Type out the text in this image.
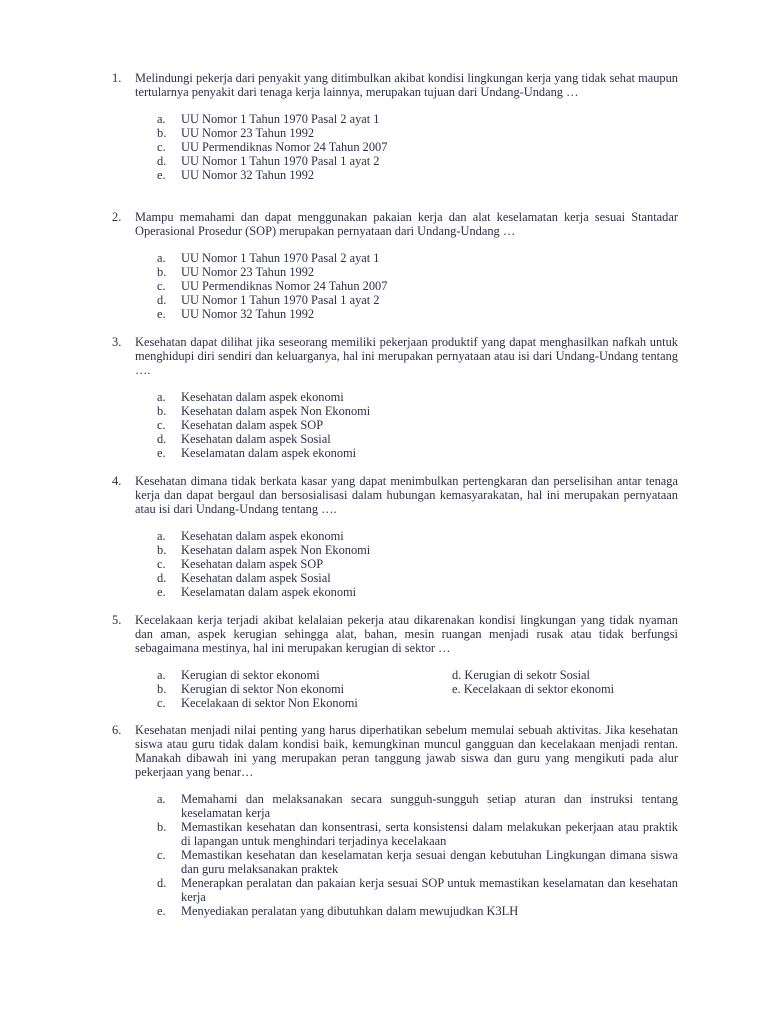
1.	Melindungi pekerja dari penyakit yang ditimbulkan akibat kondisi lingkungan kerja yang tidak sehat maupun tertularnya penyakit dari tenaga kerja lainnya, merupakan tujuan dari Undang-Undang …
a.	UU Nomor 1 Tahun 1970 Pasal 2 ayat 1
b.	UU Nomor 23 Tahun 1992
c.	UU Permendiknas Nomor 24 Tahun 2007
d.	UU Nomor 1 Tahun 1970 Pasal 1 ayat 2
e.	UU Nomor 32 Tahun 1992
2.	Mampu memahami dan dapat menggunakan pakaian kerja dan alat keselamatan kerja sesuai Stantadar Operasional Prosedur (SOP) merupakan pernyataan dari Undang-Undang …
a.	UU Nomor 1 Tahun 1970 Pasal 2 ayat 1
b.	UU Nomor 23 Tahun 1992
c.	UU Permendiknas Nomor 24 Tahun 2007
d.	UU Nomor 1 Tahun 1970 Pasal 1 ayat 2
e.	UU Nomor 32 Tahun 1992
3.	Kesehatan dapat dilihat jika seseorang memiliki pekerjaan produktif yang dapat menghasilkan nafkah untuk menghidupi diri sendiri dan keluarganya, hal ini merupakan pernyataan atau isi dari Undang-Undang tentang ….
a.	Kesehatan dalam aspek ekonomi
b.	Kesehatan dalam aspek Non Ekonomi
c.	Kesehatan dalam aspek SOP
d.	Kesehatan dalam aspek Sosial
e.	Keselamatan dalam aspek ekonomi
4.	Kesehatan dimana tidak berkata kasar yang dapat menimbulkan pertengkaran dan perselisihan antar tenaga kerja dan dapat bergaul dan bersosialisasi dalam hubungan kemasyarakatan, hal ini merupakan pernyataan atau isi dari Undang-Undang tentang ….
a.	Kesehatan dalam aspek ekonomi
b.	Kesehatan dalam aspek Non Ekonomi
c.	Kesehatan dalam aspek SOP
d.	Kesehatan dalam aspek Sosial
e.	Keselamatan dalam aspek ekonomi
5.	Kecelakaan kerja terjadi akibat kelalaian pekerja atau dikarenakan kondisi lingkungan yang tidak nyaman dan aman, aspek kerugian sehingga alat, bahan, mesin ruangan menjadi rusak atau tidak berfungsi sebagaimana mestinya, hal ini merupakan kerugian di sektor …
a.	Kerugian di sektor ekonomi
b.	Kerugian di sektor Non ekonomi
c.	Kecelakaan di sektor Non Ekonomi
d. Kerugian di sekotr Sosial
e. Kecelakaan di sektor ekonomi
6.	Kesehatan menjadi nilai penting yang harus diperhatikan sebelum memulai sebuah aktivitas. Jika kesehatan siswa atau guru tidak dalam kondisi baik, kemungkinan muncul gangguan dan kecelakaan menjadi rentan. Manakah dibawah ini yang merupakan peran tanggung jawab siswa dan guru yang mengikuti pada alur pekerjaan yang benar…
a.	Memahami dan melaksanakan secara sungguh-sungguh setiap aturan dan instruksi tentang keselamatan kerja
b.	Memastikan kesehatan dan konsentrasi, serta konsistensi dalam melakukan pekerjaan atau praktik di lapangan untuk menghindari terjadinya kecelakaan
c.	Memastikan kesehatan dan keselamatan kerja sesuai dengan kebutuhan Lingkungan dimana siswa dan guru melaksanakan praktek
d.	Menerapkan peralatan dan pakaian kerja sesuai SOP untuk memastikan keselamatan dan kesehatan kerja
e.	Menyediakan peralatan yang dibutuhkan dalam mewujudkan K3LH
